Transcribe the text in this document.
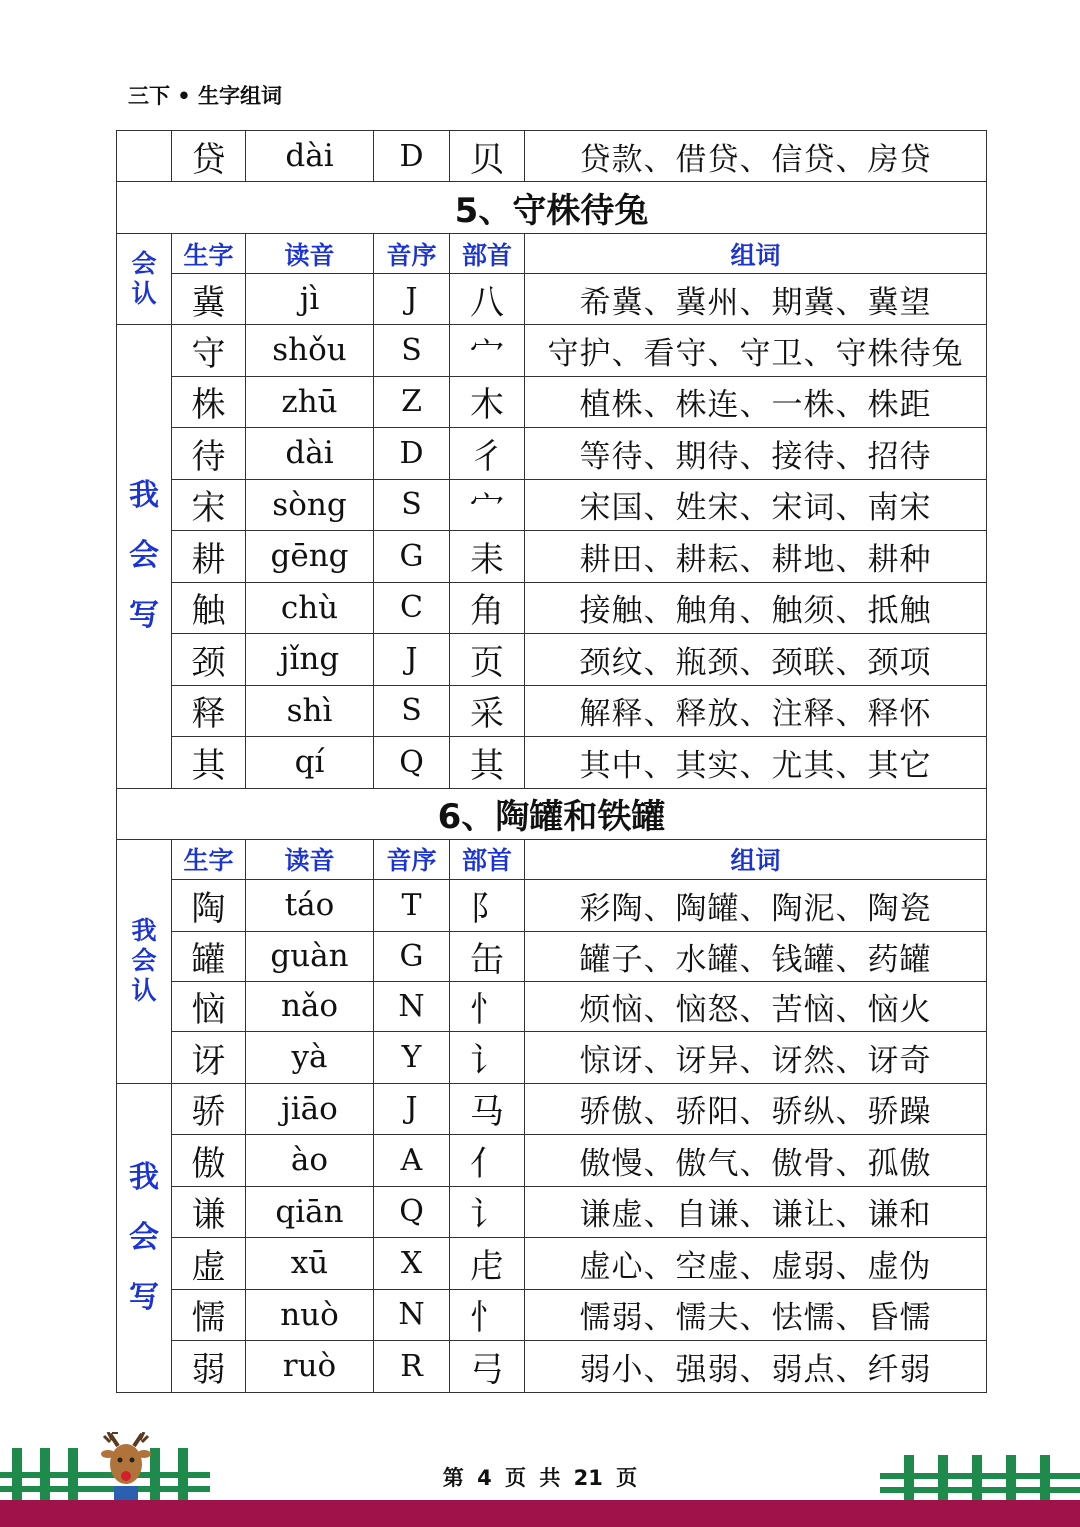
三下 • 生字组词
	贷	dài	D	贝	贷款、借贷、信贷、房贷
5、守株待兔					

会
认	生字	读音	音序	部首	组词
	冀	jì	J	八	希冀、冀州、期冀、冀望

我
会
写	守	shǒu	S	宀	守护、看守、守卫、守株待兔
	株	zhū	Z	木	植株、株连、一株、株距
	待	dài	D	彳	等待、期待、接待、招待
	宋	sòng	S	宀	宋国、姓宋、宋词、南宋
	耕	gēng	G	耒	耕田、耕耘、耕地、耕种
	触	chù	C	角	接触、触角、触须、抵触
	颈	jǐng	J	页	颈纹、瓶颈、颈联、颈项
	释	shì	S	采	解释、释放、注释、释怀
	其	qí	Q	其	其中、其实、尤其、其它
6、陶罐和铁罐					

我
会
认	生字	读音	音序	部首	组词
	陶	táo	T	阝	彩陶、陶罐、陶泥、陶瓷
	罐	guàn	G	缶	罐子、水罐、钱罐、药罐
	恼	nǎo	N	忄	烦恼、恼怒、苦恼、恼火
	讶	yà	Y	讠	惊讶、讶异、讶然、讶奇

我
会
写	骄	jiāo	J	马	骄傲、骄阳、骄纵、骄躁
	傲	ào	A	亻	傲慢、傲气、傲骨、孤傲
	谦	qiān	Q	讠	谦虚、自谦、谦让、谦和
	虚	xū	X	虍	虚心、空虚、虚弱、虚伪
	懦	nuò	N	忄	懦弱、懦夫、怯懦、昏懦
	弱	ruò	R	弓	弱小、强弱、弱点、纤弱
第 4 页 共 21 页
